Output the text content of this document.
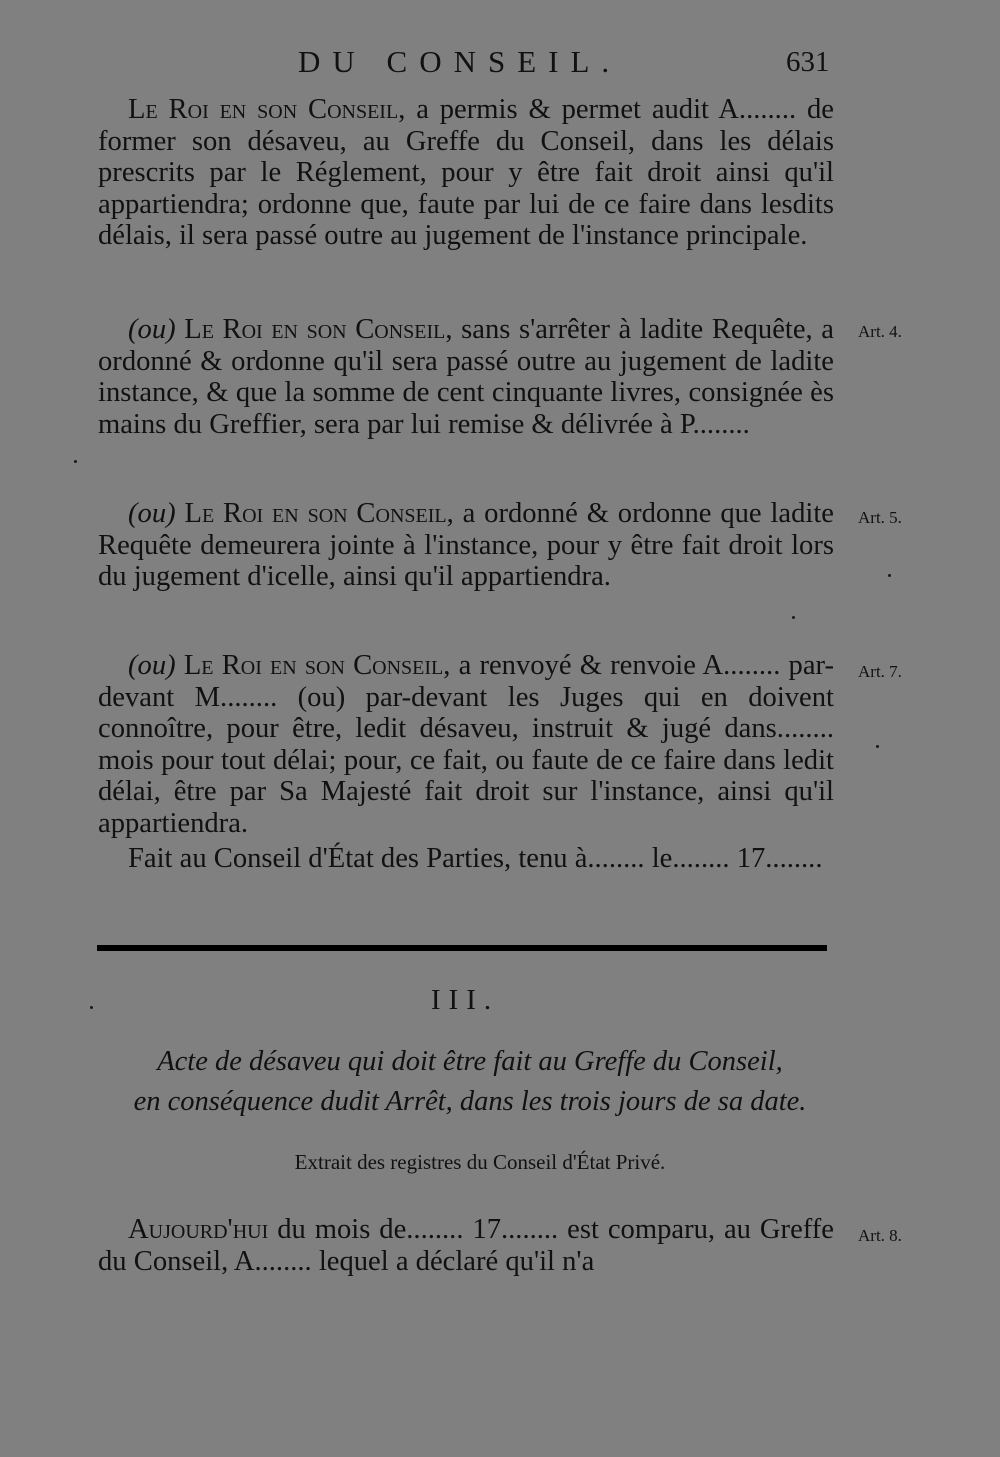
DU CONSEIL.	631

Le Roi en son Conseil, a permis & permet audit A........ de former son désaveu, au Greffe du Conseil, dans les délais prescrits par le Réglement, pour y être fait droit ainsi qu'il appartiendra; ordonne que, faute par lui de ce faire dans lesdits délais, il sera passé outre au jugement de l'instance principale.

(ou) Le Roi en son Conseil, sans s'arrêter à ladite Requête, a ordonné & ordonne qu'il sera passé outre au jugement de ladite instance, & que la somme de cent cinquante livres, consignée ès mains du Greffier, sera par lui remise & délivrée à P........

Art. 4.

(ou) Le Roi en son Conseil, a ordonné & ordonne que ladite Requête demeurera jointe à l'instance, pour y être fait droit lors du jugement d'icelle, ainsi qu'il appartiendra.

Art. 5.

(ou) Le Roi en son Conseil, a renvoyé & renvoie A........ par-devant M........ (ou) par-devant les Juges qui en doivent connoître, pour être, ledit désaveu, instruit & jugé dans........ mois pour tout délai; pour, ce fait, ou faute de ce faire dans ledit délai, être par Sa Majesté fait droit sur l'instance, ainsi qu'il appartiendra.

Art. 7.

Fait au Conseil d'État des Parties, tenu à........ le........ 17........

III.
Acte de désaveu qui doit être fait au Greffe du Conseil,
en conséquence dudit Arrêt, dans les trois jours de sa date.
Extrait des registres du Conseil d'État Privé.

Aujourd'hui du mois de........ 17........ est comparu, au Greffe du Conseil, A........ lequel a déclaré qu'il n'a

Art. 8.
